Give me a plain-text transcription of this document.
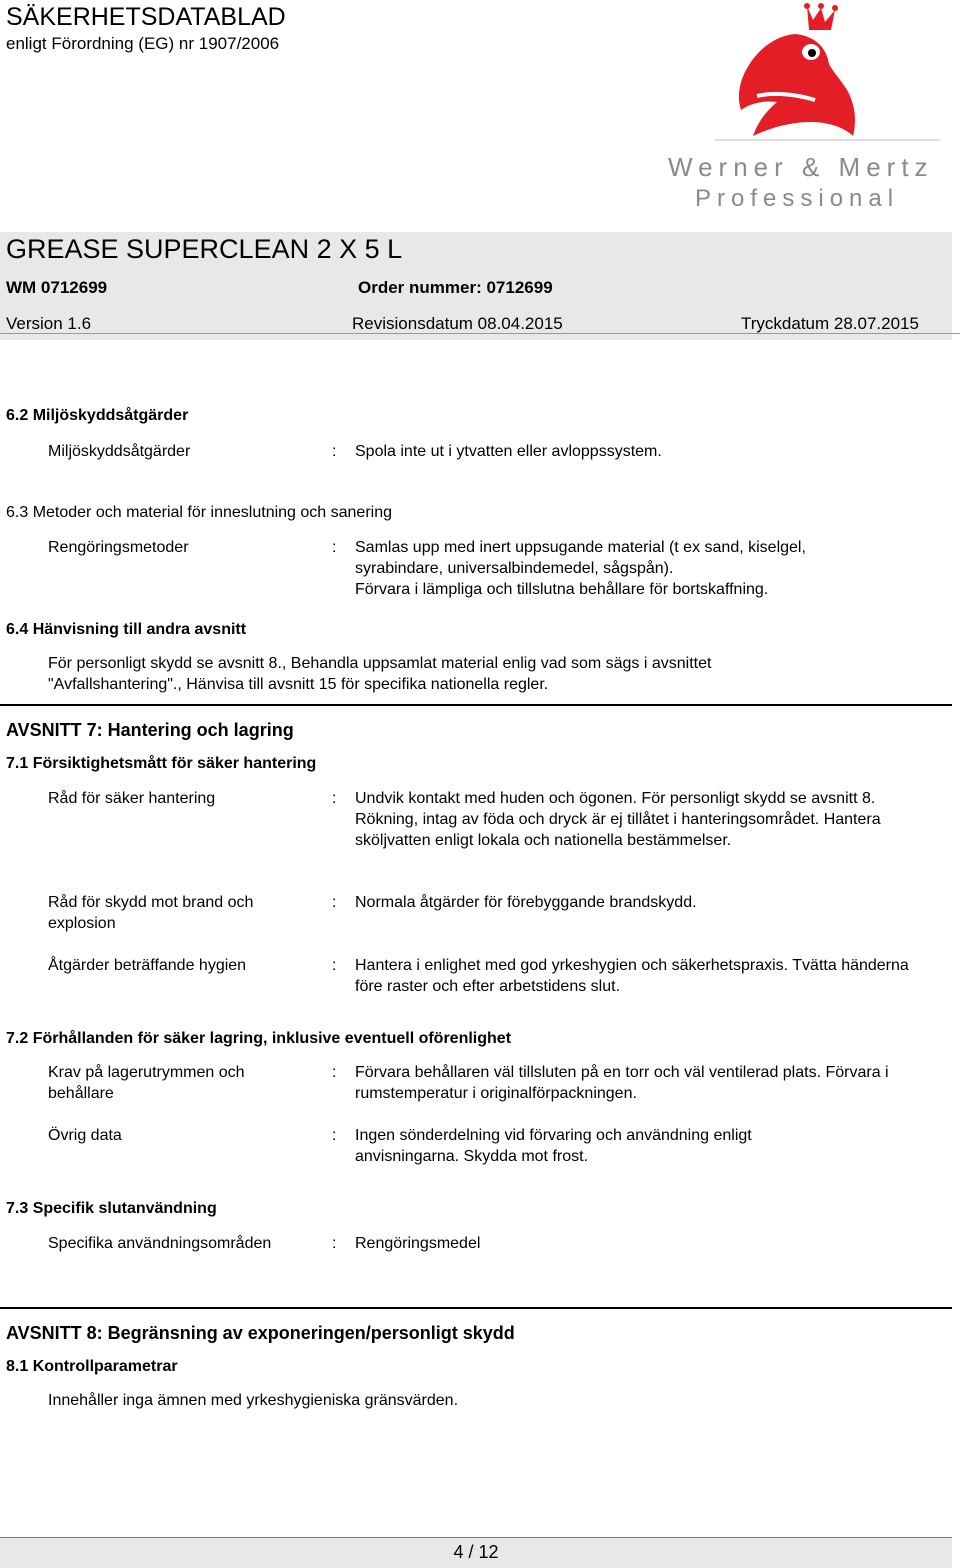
SÄKERHETSDATABLAD
enligt Förordning (EG) nr 1907/2006
Werner & Mertz
Professional
GREASE SUPERCLEAN 2 X 5 L
WM 0712699	Order nummer: 0712699
Version 1.6	Revisionsdatum 08.04.2015	Tryckdatum 28.07.2015
6.2 Miljöskyddsåtgärder
Miljöskyddsåtgärder	: Spola inte ut i ytvatten eller avloppssystem.
6.3 Metoder och material för inneslutning och sanering
Rengöringsmetoder	: Samlas upp med inert uppsugande material (t ex sand, kiselgel, syrabindare, universalbindemedel, sågspån).
Förvara i lämpliga och tillslutna behållare för bortskaffning.
6.4 Hänvisning till andra avsnitt
För personligt skydd se avsnitt 8., Behandla uppsamlat material enlig vad som sägs i avsnittet "Avfallshantering"., Hänvisa till avsnitt 15 för specifika nationella regler.
AVSNITT 7: Hantering och lagring
7.1 Försiktighetsmått för säker hantering
Råd för säker hantering	: Undvik kontakt med huden och ögonen. För personligt skydd se avsnitt 8. Rökning, intag av föda och dryck är ej tillåtet i hanteringsområdet. Hantera sköljvatten enligt lokala och nationella bestämmelser.
Råd för skydd mot brand och explosion
: Normala åtgärder för förebyggande brandskydd.
Åtgärder beträffande hygien	: Hantera i enlighet med god yrkeshygien och säkerhetspraxis. Tvätta händerna före raster och efter arbetstidens slut.
7.2 Förhållanden för säker lagring, inklusive eventuell oförenlighet
Krav på lagerutrymmen och behållare
: Förvara behållaren väl tillsluten på en torr och väl ventilerad plats. Förvara i rumstemperatur i originalförpackningen.
Övrig data	: Ingen sönderdelning vid förvaring och användning enligt anvisningarna. Skydda mot frost.
7.3 Specifik slutanvändning
Specifika användningsområden	: Rengöringsmedel
AVSNITT 8: Begränsning av exponeringen/personligt skydd
8.1 Kontrollparametrar
Innehåller inga ämnen med yrkeshygieniska gränsvärden.
4 / 12
